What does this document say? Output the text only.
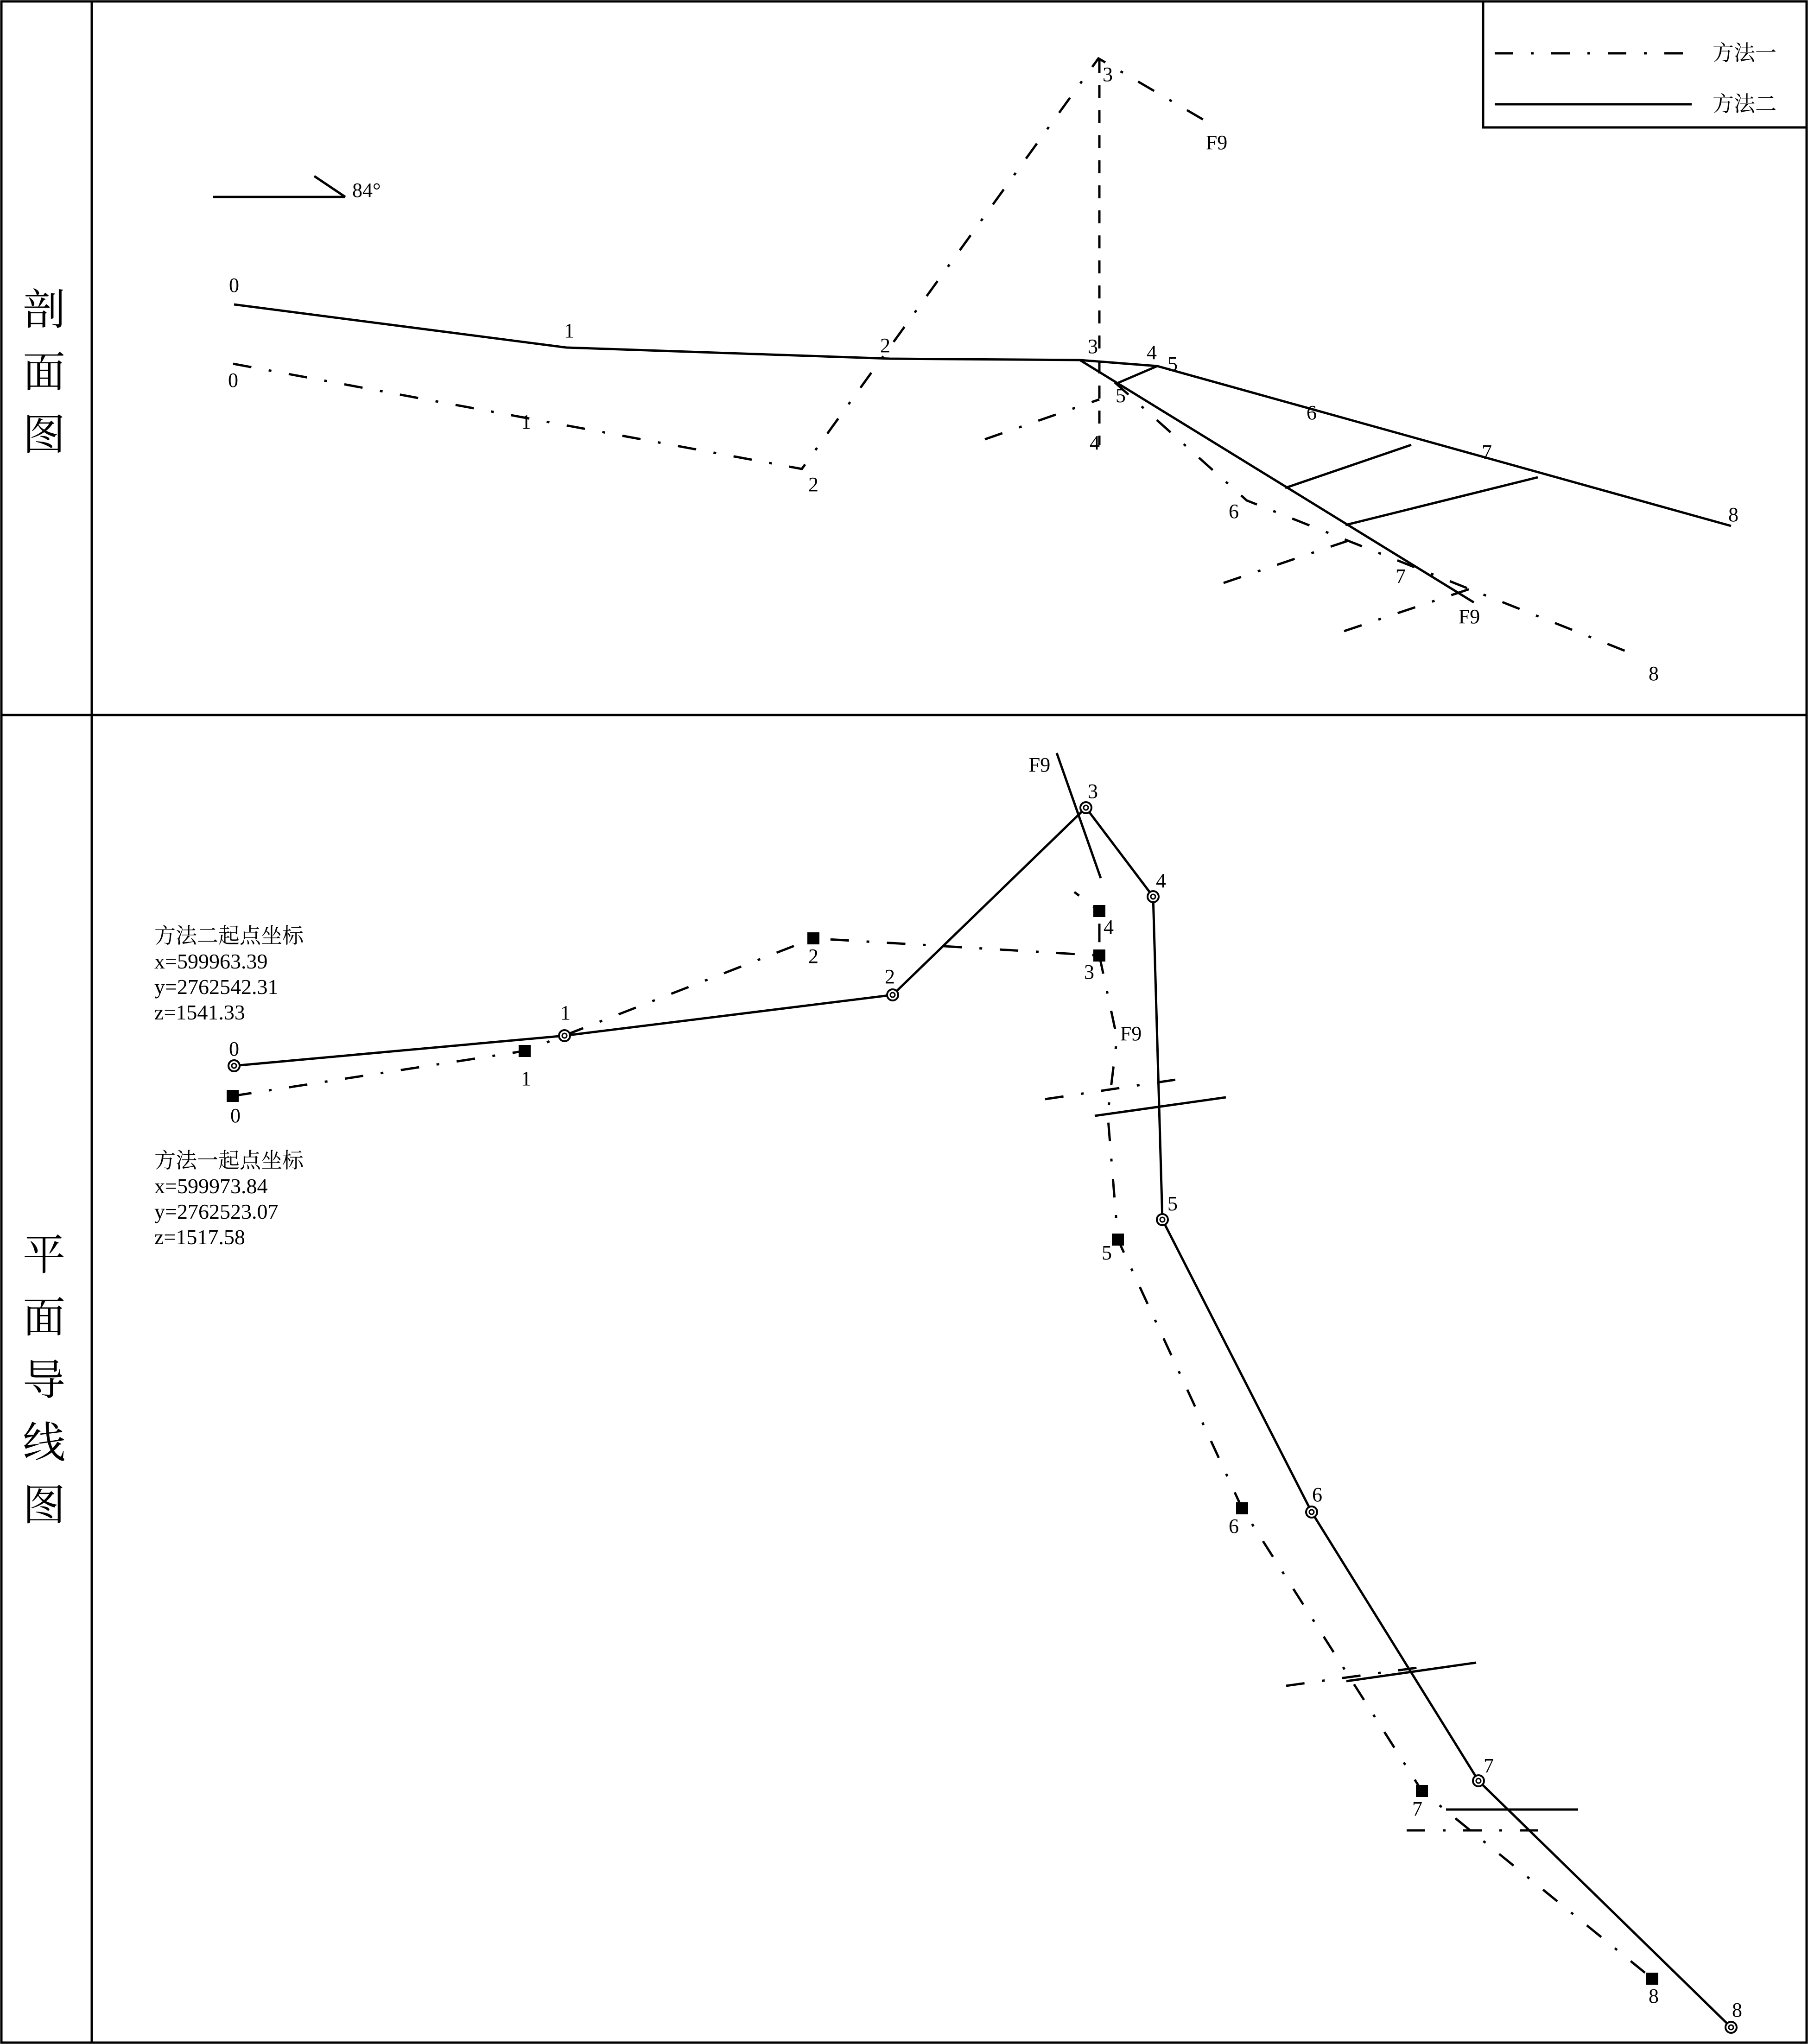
剖
面
图
平
面
导
线
图
方法一
方法二
84°
0
1
2	3 4
5
6
7
8
0
1
2
3
4
5
6
7
8
F9
F9
0
1
2
3
4
5
6
7
8
0
1
2
3
4
5
6
7
8
F9
F9
方法二起点坐标
x=599963.39
y=2762542.31
z=1541.33
方法一起点坐标
x=599973.84
y=2762523.07
z=1517.58
